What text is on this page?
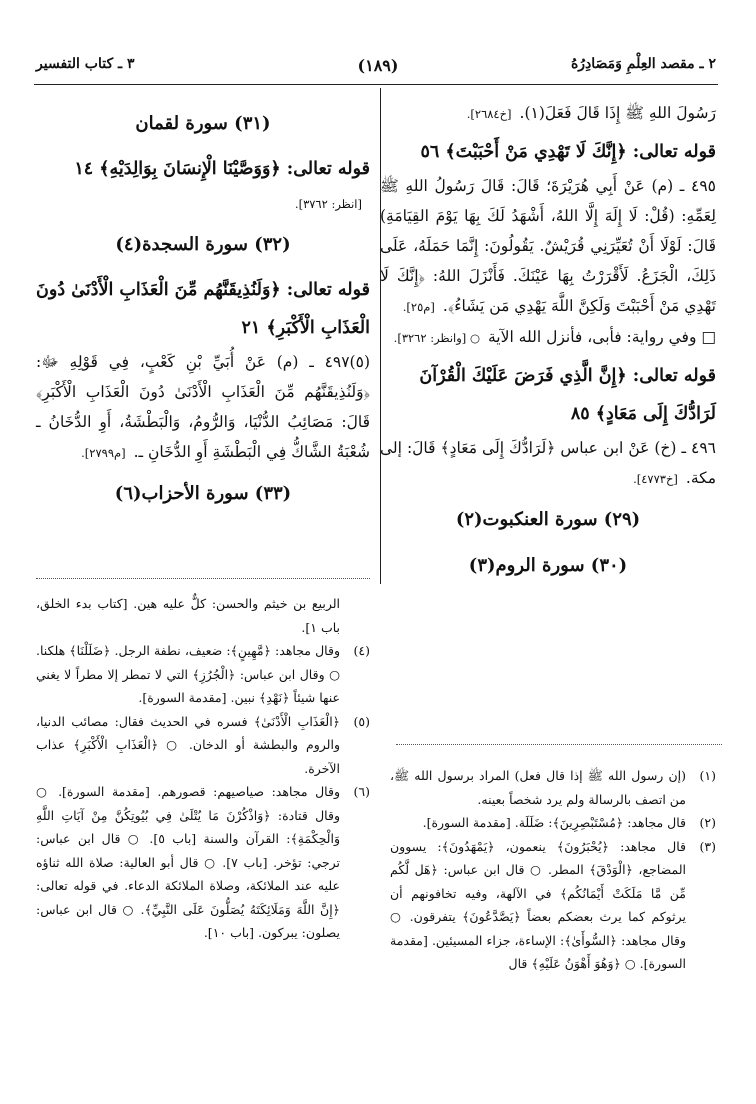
٢ ـ مقصد العِلْمِ وَمَصَادِرُهُ
(١٨٩)
٣ ـ كتاب التفسير
رَسُولَ اللهِ ﷺ إِذَا قَالَ فَعَلَ(١).[خ٢٦٨٤].
قوله تعالى: ﴿إِنَّكَ لَا تَهْدِي مَنْ أَحْبَبْتَ﴾ ٥٦
٤٩٥ ـ (م) عَنْ أَبِي هُرَيْرَةَ؛ قَالَ: قَالَ رَسُولُ اللهِ ﷺ لِعَمِّهِ: (قُلْ: لَا إِلَهَ إِلَّا اللهُ، أَشْهَدُ لَكَ بِهَا يَوْمَ القِيَامَةِ) قَالَ: لَوْلَا أَنْ تُعَيِّرَنِي قُرَيْشٌ. يَقُولُونَ: إِنَّمَا حَمَلَهُ، عَلَى ذَلِكَ، الْجَزَعُ. لَأَقْرَرْتُ بِهَا عَيْنَكَ. فَأَنْزَلَ اللهُ: ﴿إِنَّكَ لَا تَهْدِي مَنْ أَحْبَبْتَ وَلَكِنَّ اللَّهَ يَهْدِي مَن يَشَاءُ﴾.[م٢٥].
□ وفي رواية: فأبى، فأنزل الله الآية○ [وانظر: ٣٢٦٢].
قوله تعالى: ﴿إِنَّ الَّذِي فَرَضَ عَلَيْكَ الْقُرْآنَ لَرَادُّكَ إِلَى مَعَادٍ﴾ ٨٥
٤٩٦ ـ (خ) عَنْ ابن عباس ﴿لَرَادُّكَ إِلَى مَعَادٍ﴾ قَالَ: إلى مكة.[خ٤٧٧٣].
(٢٩) سورة العنكبوت(٢)
(٣٠) سورة الروم(٣)
(٣١) سورة لقمان
قوله تعالى: ﴿وَوَصَّيْنَا الْإِنسَانَ بِوَالِدَيْهِ﴾ ١٤
[انظر: ٣٧٦٢].
(٣٢) سورة السجدة(٤)
قوله تعالى: ﴿وَلَنُذِيقَنَّهُم مِّنَ الْعَذَابِ الْأَدْنَىٰ دُونَ الْعَذَابِ الْأَكْبَرِ﴾ ٢١
(٥)٤٩٧ ـ (م) عَنْ أُبَيِّ بْنِ كَعْبٍ، فِي قَوْلِهِ ﷻ: ﴿وَلَنُذِيقَنَّهُم مِّنَ الْعَذَابِ الْأَدْنَىٰ دُونَ الْعَذَابِ الْأَكْبَرِ﴾ قَالَ: مَصَائِبُ الدُّنْيَا، وَالرُّومُ، وَالْبَطْشَةُ، أَوِ الدُّخَانُ ـ شُعْبَةُ الشَّاكُّ فِي الْبَطْشَةِ أَوِ الدُّخَانِ ـ.[م٢٧٩٩].
(٣٣) سورة الأحزاب(٦)
الربيع بن خيثم والحسن: كلٌّ عليه هين. [كتاب بدء الخلق، باب ١].
(٤)
وقال مجاهد: ﴿مَّهِينٍ﴾: ضعيف، نطفة الرجل. ﴿ضَلَلْنَا﴾ هلكنا. ○ وقال ابن عباس: ﴿الْجُرُزِ﴾ التي لا تمطر إلا مطراً لا يغني عنها شيئاً ﴿نَهْدِ﴾ نبين. [مقدمة السورة].
(٥)
﴿الْعَذَابِ الْأَدْنَىٰ﴾ فسره في الحديث فقال: مصائب الدنيا، والروم والبطشة أو الدخان. ○ ﴿الْعَذَابِ الْأَكْبَرِ﴾ عذاب الآخرة.
(٦)
وقال مجاهد: صياصيهم: قصورهم. [مقدمة السورة]. ○ وقال قتادة: ﴿وَاذْكُرْنَ مَا يُتْلَىٰ فِي بُيُوتِكُنَّ مِنْ آيَاتِ اللَّهِ وَالْحِكْمَةِ﴾: القرآن والسنة [باب ٥]. ○ قال ابن عباس: ترجي: تؤخر. [باب ٧]. ○ قال أبو العالية: صلاة الله ثناؤه عليه عند الملائكة، وصلاة الملائكة الدعاء. في قوله تعالى: ﴿إِنَّ اللَّهَ وَمَلَائِكَتَهُ يُصَلُّونَ عَلَى النَّبِيِّ﴾. ○ قال ابن عباس: يصلون: يبركون. [باب ١٠].
(١)
(إن رسول الله ﷺ إذا قال فعل) المراد برسول الله ﷺ، من اتصف بالرسالة ولم يرد شخصاً بعينه.
(٢)
قال مجاهد: ﴿مُسْتَبْصِرِينَ﴾: ضَلَلَة. [مقدمة السورة].
(٣)
قال مجاهد: ﴿يُحْبَرُونَ﴾ ينعمون، ﴿يَمْهَدُونَ﴾: يسوون المضاجع، ﴿الْوَدْقَ﴾ المطر. ○ قال ابن عباس: ﴿هَل لَّكُم مِّن مَّا مَلَكَتْ أَيْمَانُكُم﴾ في الآلهة، وفيه تخافونهم أن يرثوكم كما يرث بعضكم بعضاً ﴿يَصَّدَّعُونَ﴾ يتفرقون. ○ وقال مجاهد: ﴿السُّوأَىٰ﴾: الإساءة، جزاء المسيئين. [مقدمة السورة]. ○ ﴿وَهُوَ أَهْوَنُ عَلَيْهِ﴾ قال
